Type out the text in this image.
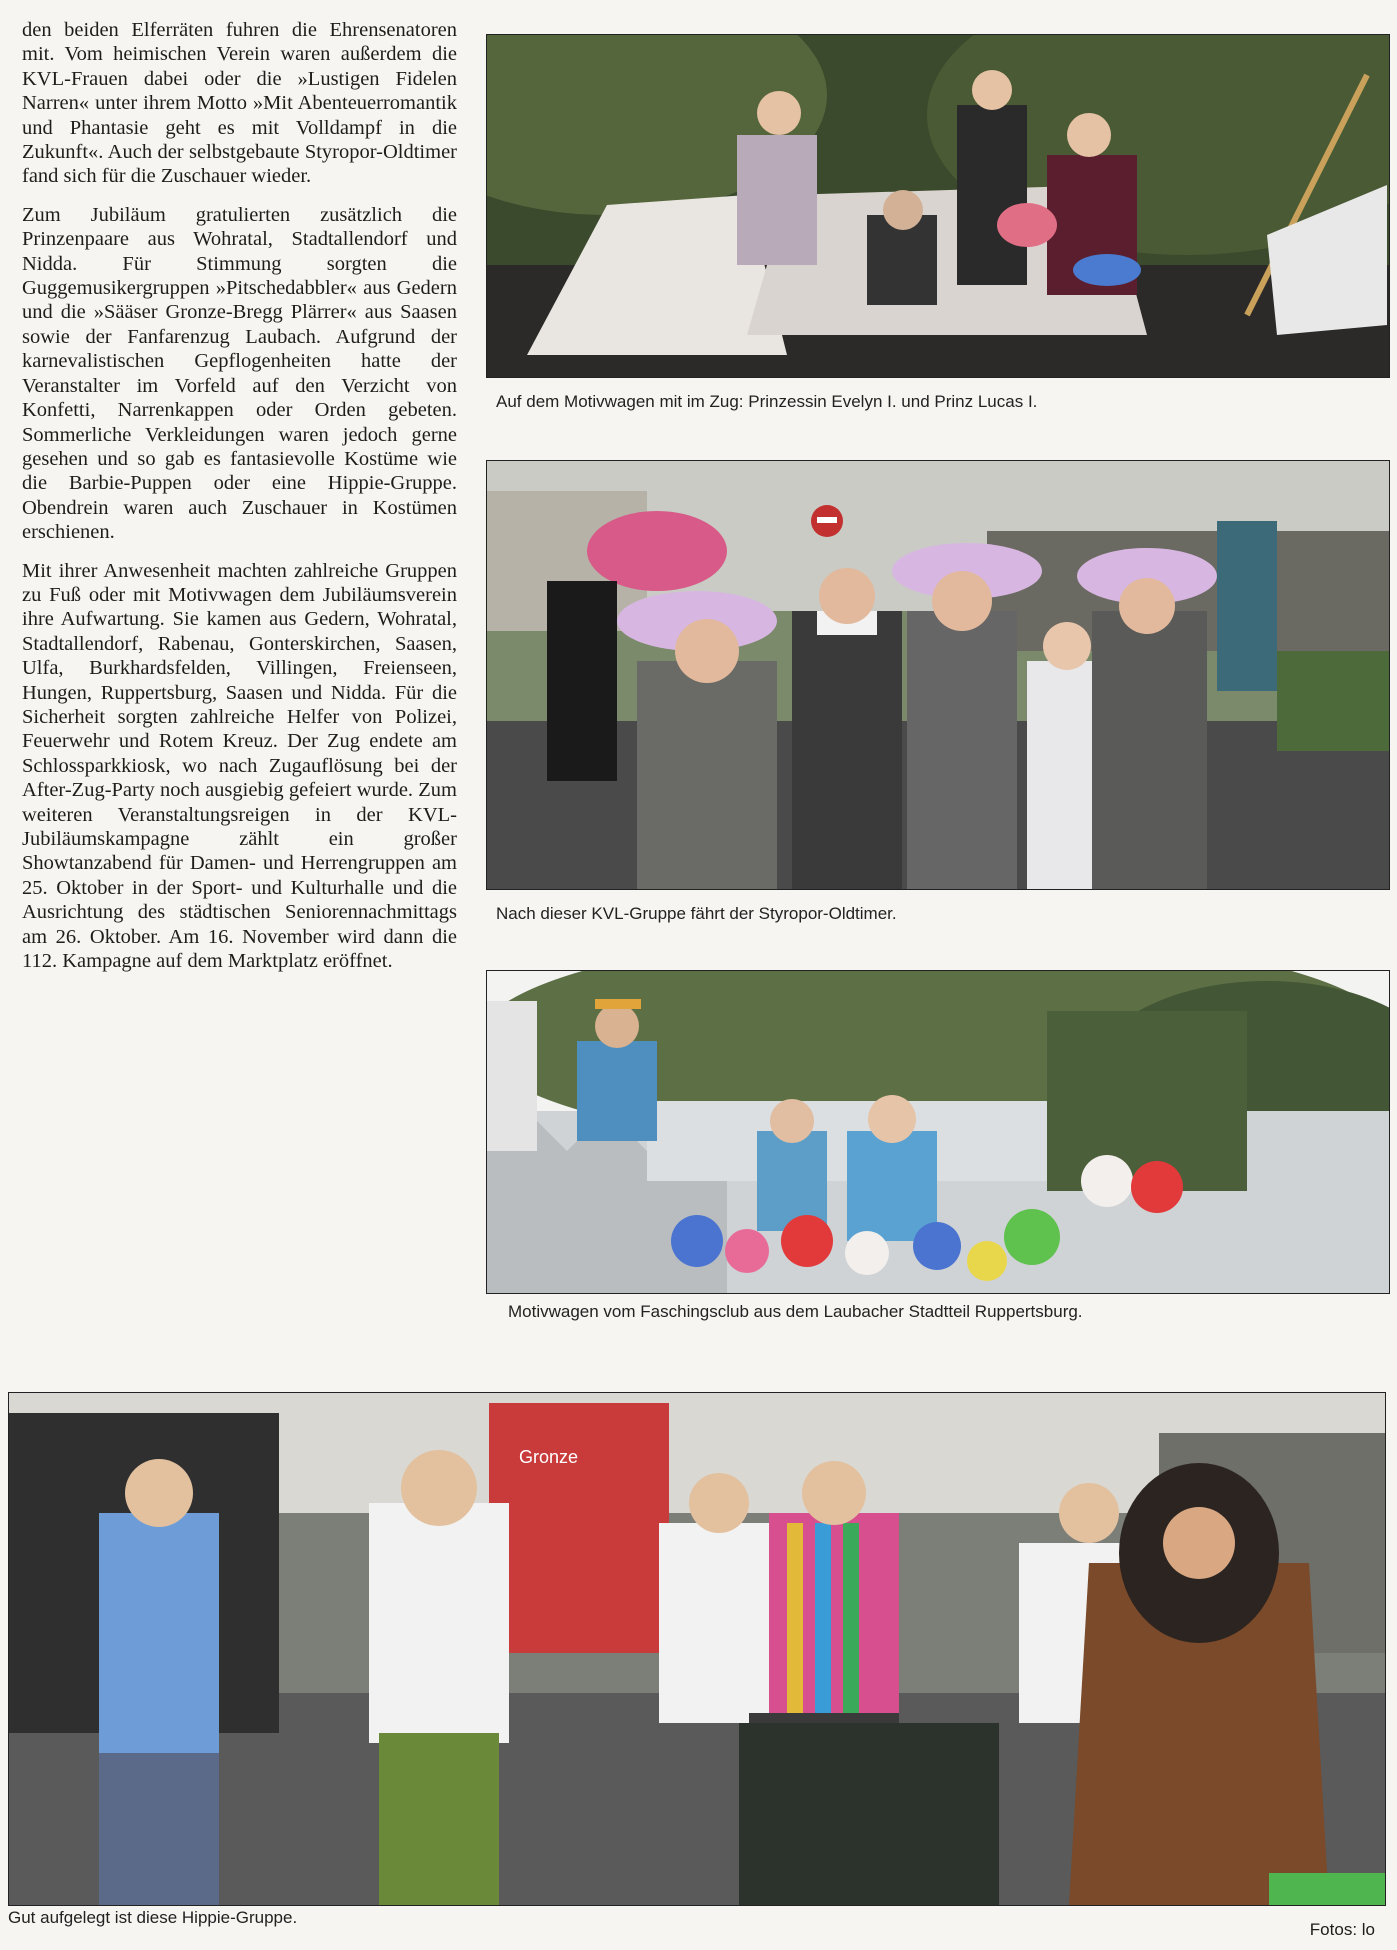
den beiden Elferräten fuhren die Ehrensenatoren mit. Vom heimischen Verein waren außerdem die KVL-Frauen dabei oder die »Lustigen Fidelen Narren« unter ihrem Motto »Mit Abenteuerromantik und Phantasie geht es mit Volldampf in die Zukunft«. Auch der selbstgebaute Styropor-Oldtimer fand sich für die Zuschauer wieder.

Zum Jubiläum gratulierten zusätzlich die Prinzenpaare aus Wohratal, Stadtallendorf und Nidda. Für Stimmung sorgten die Guggemusikergruppen »Pitschedabbler« aus Gedern und die »Sääser Gronze-Bregg Plärrer« aus Saasen sowie der Fanfarenzug Laubach. Aufgrund der karnevalistischen Gepflogenheiten hatte der Veranstalter im Vorfeld auf den Verzicht von Konfetti, Narrenkappen oder Orden gebeten. Sommerliche Verkleidungen waren jedoch gerne gesehen und so gab es fantasievolle Kostüme wie die Barbie-Puppen oder eine Hippie-Gruppe. Obendrein waren auch Zuschauer in Kostümen erschienen.

Mit ihrer Anwesenheit machten zahlreiche Gruppen zu Fuß oder mit Motivwagen dem Jubiläumsverein ihre Aufwartung. Sie kamen aus Gedern, Wohratal, Stadtallendorf, Rabenau, Gonterskirchen, Saasen, Ulfa, Burkhardsfelden, Villingen, Freienseen, Hungen, Ruppertsburg, Saasen und Nidda. Für die Sicherheit sorgten zahlreiche Helfer von Polizei, Feuerwehr und Rotem Kreuz. Der Zug endete am Schlossparkkiosk, wo nach Zugauflösung bei der After-Zug-Party noch ausgiebig gefeiert wurde. Zum weiteren Veranstaltungsreigen in der KVL-Jubiläumskampagne zählt ein großer Showtanzabend für Damen- und Herrengruppen am 25. Oktober in der Sport- und Kulturhalle und die Ausrichtung des städtischen Seniorennachmittags am 26. Oktober. Am 16. November wird dann die 112. Kampagne auf dem Marktplatz eröffnet.

Auf dem Motivwagen mit im Zug: Prinzessin Evelyn I. und Prinz Lucas I.
Nach dieser KVL-Gruppe fährt der Styropor-Oldtimer.
Motivwagen vom Faschingsclub aus dem Laubacher Stadtteil Ruppertsburg.
Gronze
Gut aufgelegt ist diese Hippie-Gruppe.
Fotos: lo
